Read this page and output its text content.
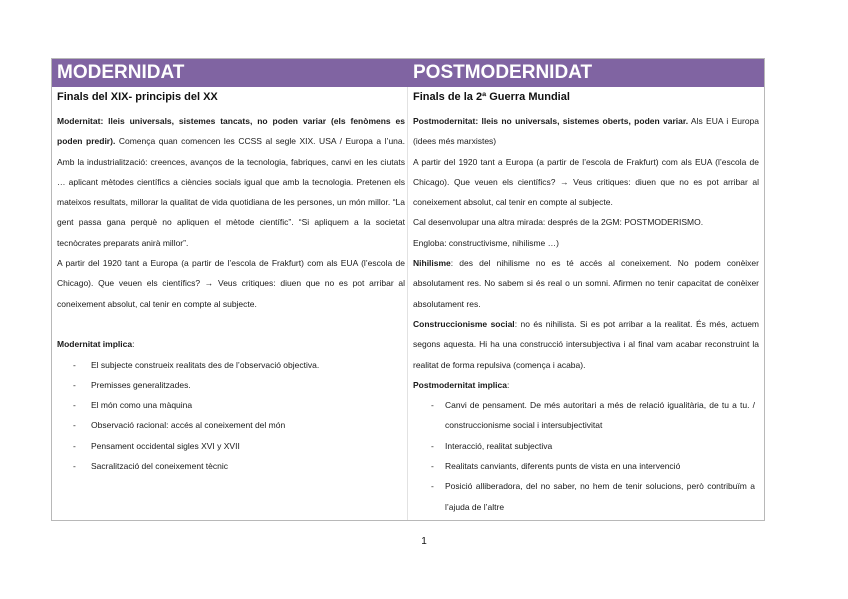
MODERNIDAT	POSTMODERNIDAT
Finals del XIX- principis del XX

Modernitat: lleis universals, sistemes tancats, no poden variar (els fenòmens es poden predir). Comença quan comencen les CCSS al segle XIX. USA / Europa a l’una. Amb la industrialització: creences, avanços de la tecnologia, fabriques, canvi en les ciutats … aplicant mètodes científics a ciències socials igual que amb la tecnologia. Pretenen els mateixos resultats, millorar la qualitat de vida quotidiana de les persones, un món millor. “La gent passa gana perquè no apliquen el mètode científic”. “Si apliquem a la societat tecnòcrates preparats anirà millor”.

A partir del 1920 tant a Europa (a partir de l’escola de Frakfurt) com als EUA (l’escola de Chicago). Que veuen els científics? → Veus critiques: diuen que no es pot arribar al coneixement absolut, cal tenir en compte al subjecte.

Modernitat implica:

- El subjecte construeix realitats des de l’observació objectiva.
- Premisses generalitzades.
- El món como una màquina
- Observació racional: accés al coneixement del món
- Pensament occidental sigles XVI y XVII
- Sacralització del coneixement tècnic
Finals de la 2ª Guerra Mundial

Postmodernitat: lleis no universals, sistemes oberts, poden variar. Als EUA i Europa (idees més marxistes)

A partir del 1920 tant a Europa (a partir de l’escola de Frakfurt) com als EUA (l’escola de Chicago). Que veuen els científics? → Veus critiques: diuen que no es pot arribar al coneixement absolut, cal tenir en compte al subjecte.

Cal desenvolupar una altra mirada: després de la 2GM: POSTMODERISMO.

Engloba: constructivisme, nihilisme …)

Nihilisme: des del nihilisme no es té accés al coneixement. No podem conèixer absolutament res. No sabem si és real o un somni. Afirmen no tenir capacitat de conèixer absolutament res.

Construccionisme social: no és nihilista. Si es pot arribar a la realitat. És més, actuem segons aquesta. Hi ha una construcció intersubjectiva i al final vam acabar reconstruint la realitat de forma repulsiva (comença i acaba).

Postmodernitat implica:

- Canvi de pensament. De més autoritari a més de relació igualitària, de tu a tu. / construccionisme social i intersubjectivitat
- Interacció, realitat subjectiva
- Realitats canviants, diferents punts de vista en una intervenció
- Posició alliberadora, del no saber, no hem de tenir solucions, però contribuïm a l’ajuda de l’altre
1
